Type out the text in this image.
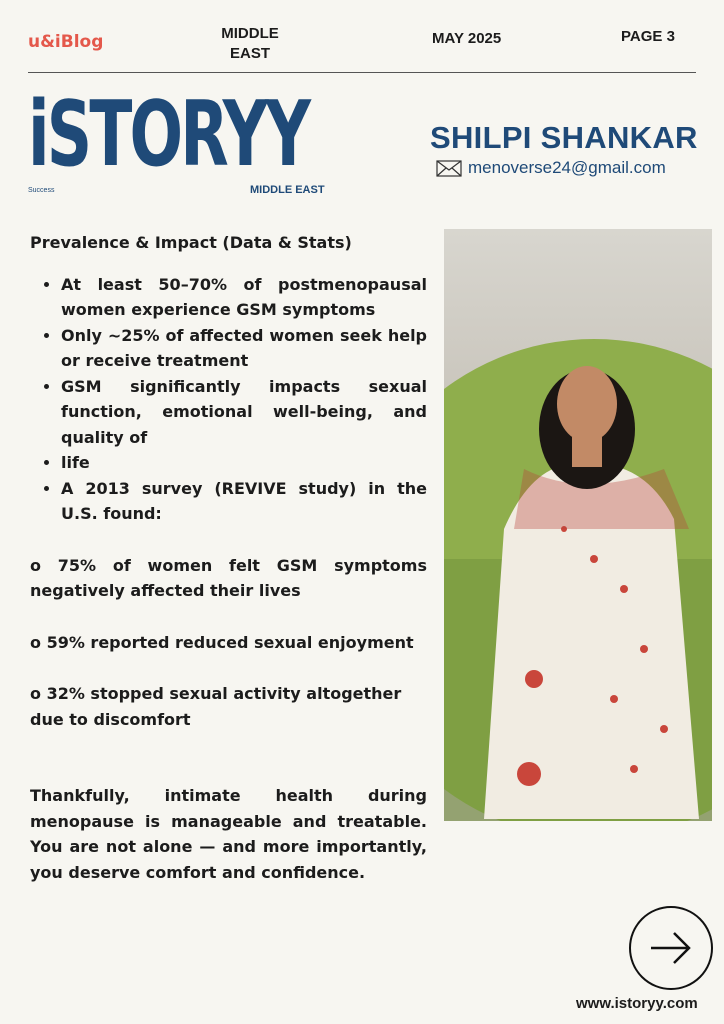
u&iBlog	MIDDLE
EAST
MAY 2025	PAGE 3
iSTORYY
MIDDLE EAST
Success
SHILPI SHANKAR
menoverse24@gmail.com

Prevalence & Impact (Data & Stats)

• At least 50–70% of postmenopausal women experience GSM symptoms
• Only ~25% of affected women seek help or receive treatment
• GSM significantly impacts sexual function, emotional well-being, and quality of
• life
• A 2013 survey (REVIVE study) in the U.S. found:

o 75% of women felt GSM symptoms negatively affected their lives

o 59% reported reduced sexual enjoyment

o 32% stopped sexual activity altogether due to discomfort

Thankfully, intimate health during menopause is manageable and treatable. You are not alone — and more importantly, you deserve comfort and confidence.

www.istoryy.com
